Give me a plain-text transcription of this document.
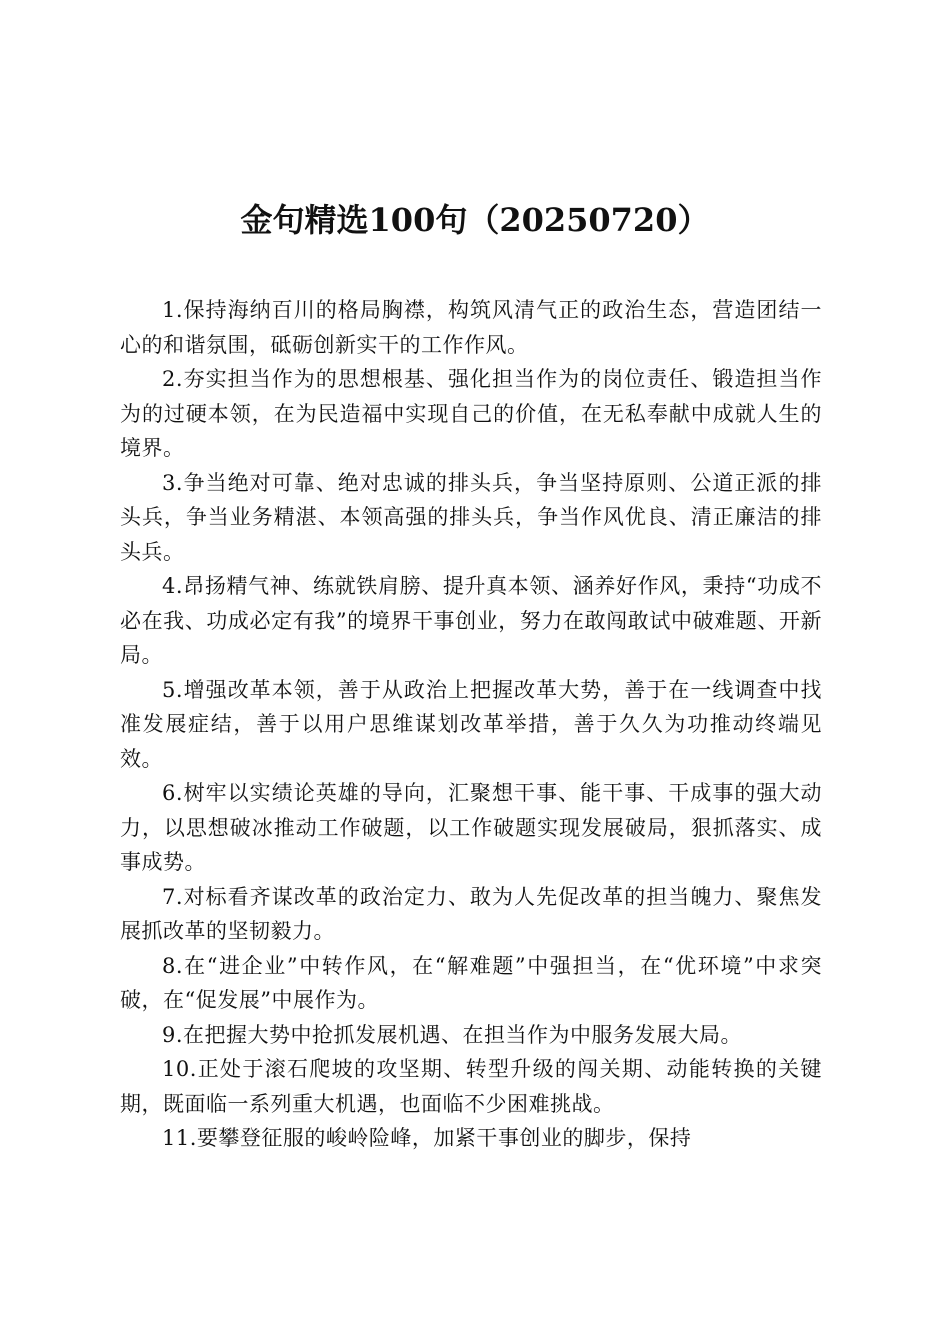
金句精选100句（20250720）

1.保持海纳百川的格局胸襟，构筑风清气正的政治生态，营造团结一心的和谐氛围，砥砺创新实干的工作作风。

2.夯实担当作为的思想根基、强化担当作为的岗位责任、锻造担当作为的过硬本领，在为民造福中实现自己的价值，在无私奉献中成就人生的境界。

3.争当绝对可靠、绝对忠诚的排头兵，争当坚持原则、公道正派的排头兵，争当业务精湛、本领高强的排头兵，争当作风优良、清正廉洁的排头兵。

4.昂扬精气神、练就铁肩膀、提升真本领、涵养好作风，秉持“功成不必在我、功成必定有我”的境界干事创业，努力在敢闯敢试中破难题、开新局。

5.增强改革本领，善于从政治上把握改革大势，善于在一线调查中找准发展症结，善于以用户思维谋划改革举措，善于久久为功推动终端见效。

6.树牢以实绩论英雄的导向，汇聚想干事、能干事、干成事的强大动力，以思想破冰推动工作破题，以工作破题实现发展破局，狠抓落实、成事成势。

7.对标看齐谋改革的政治定力、敢为人先促改革的担当魄力、聚焦发展抓改革的坚韧毅力。

8.在“进企业”中转作风，在“解难题”中强担当，在“优环境”中求突破，在“促发展”中展作为。

9.在把握大势中抢抓发展机遇、在担当作为中服务发展大局。

10.正处于滚石爬坡的攻坚期、转型升级的闯关期、动能转换的关键期，既面临一系列重大机遇，也面临不少困难挑战。

11.要攀登征服的峻岭险峰，加紧干事创业的脚步，保持
